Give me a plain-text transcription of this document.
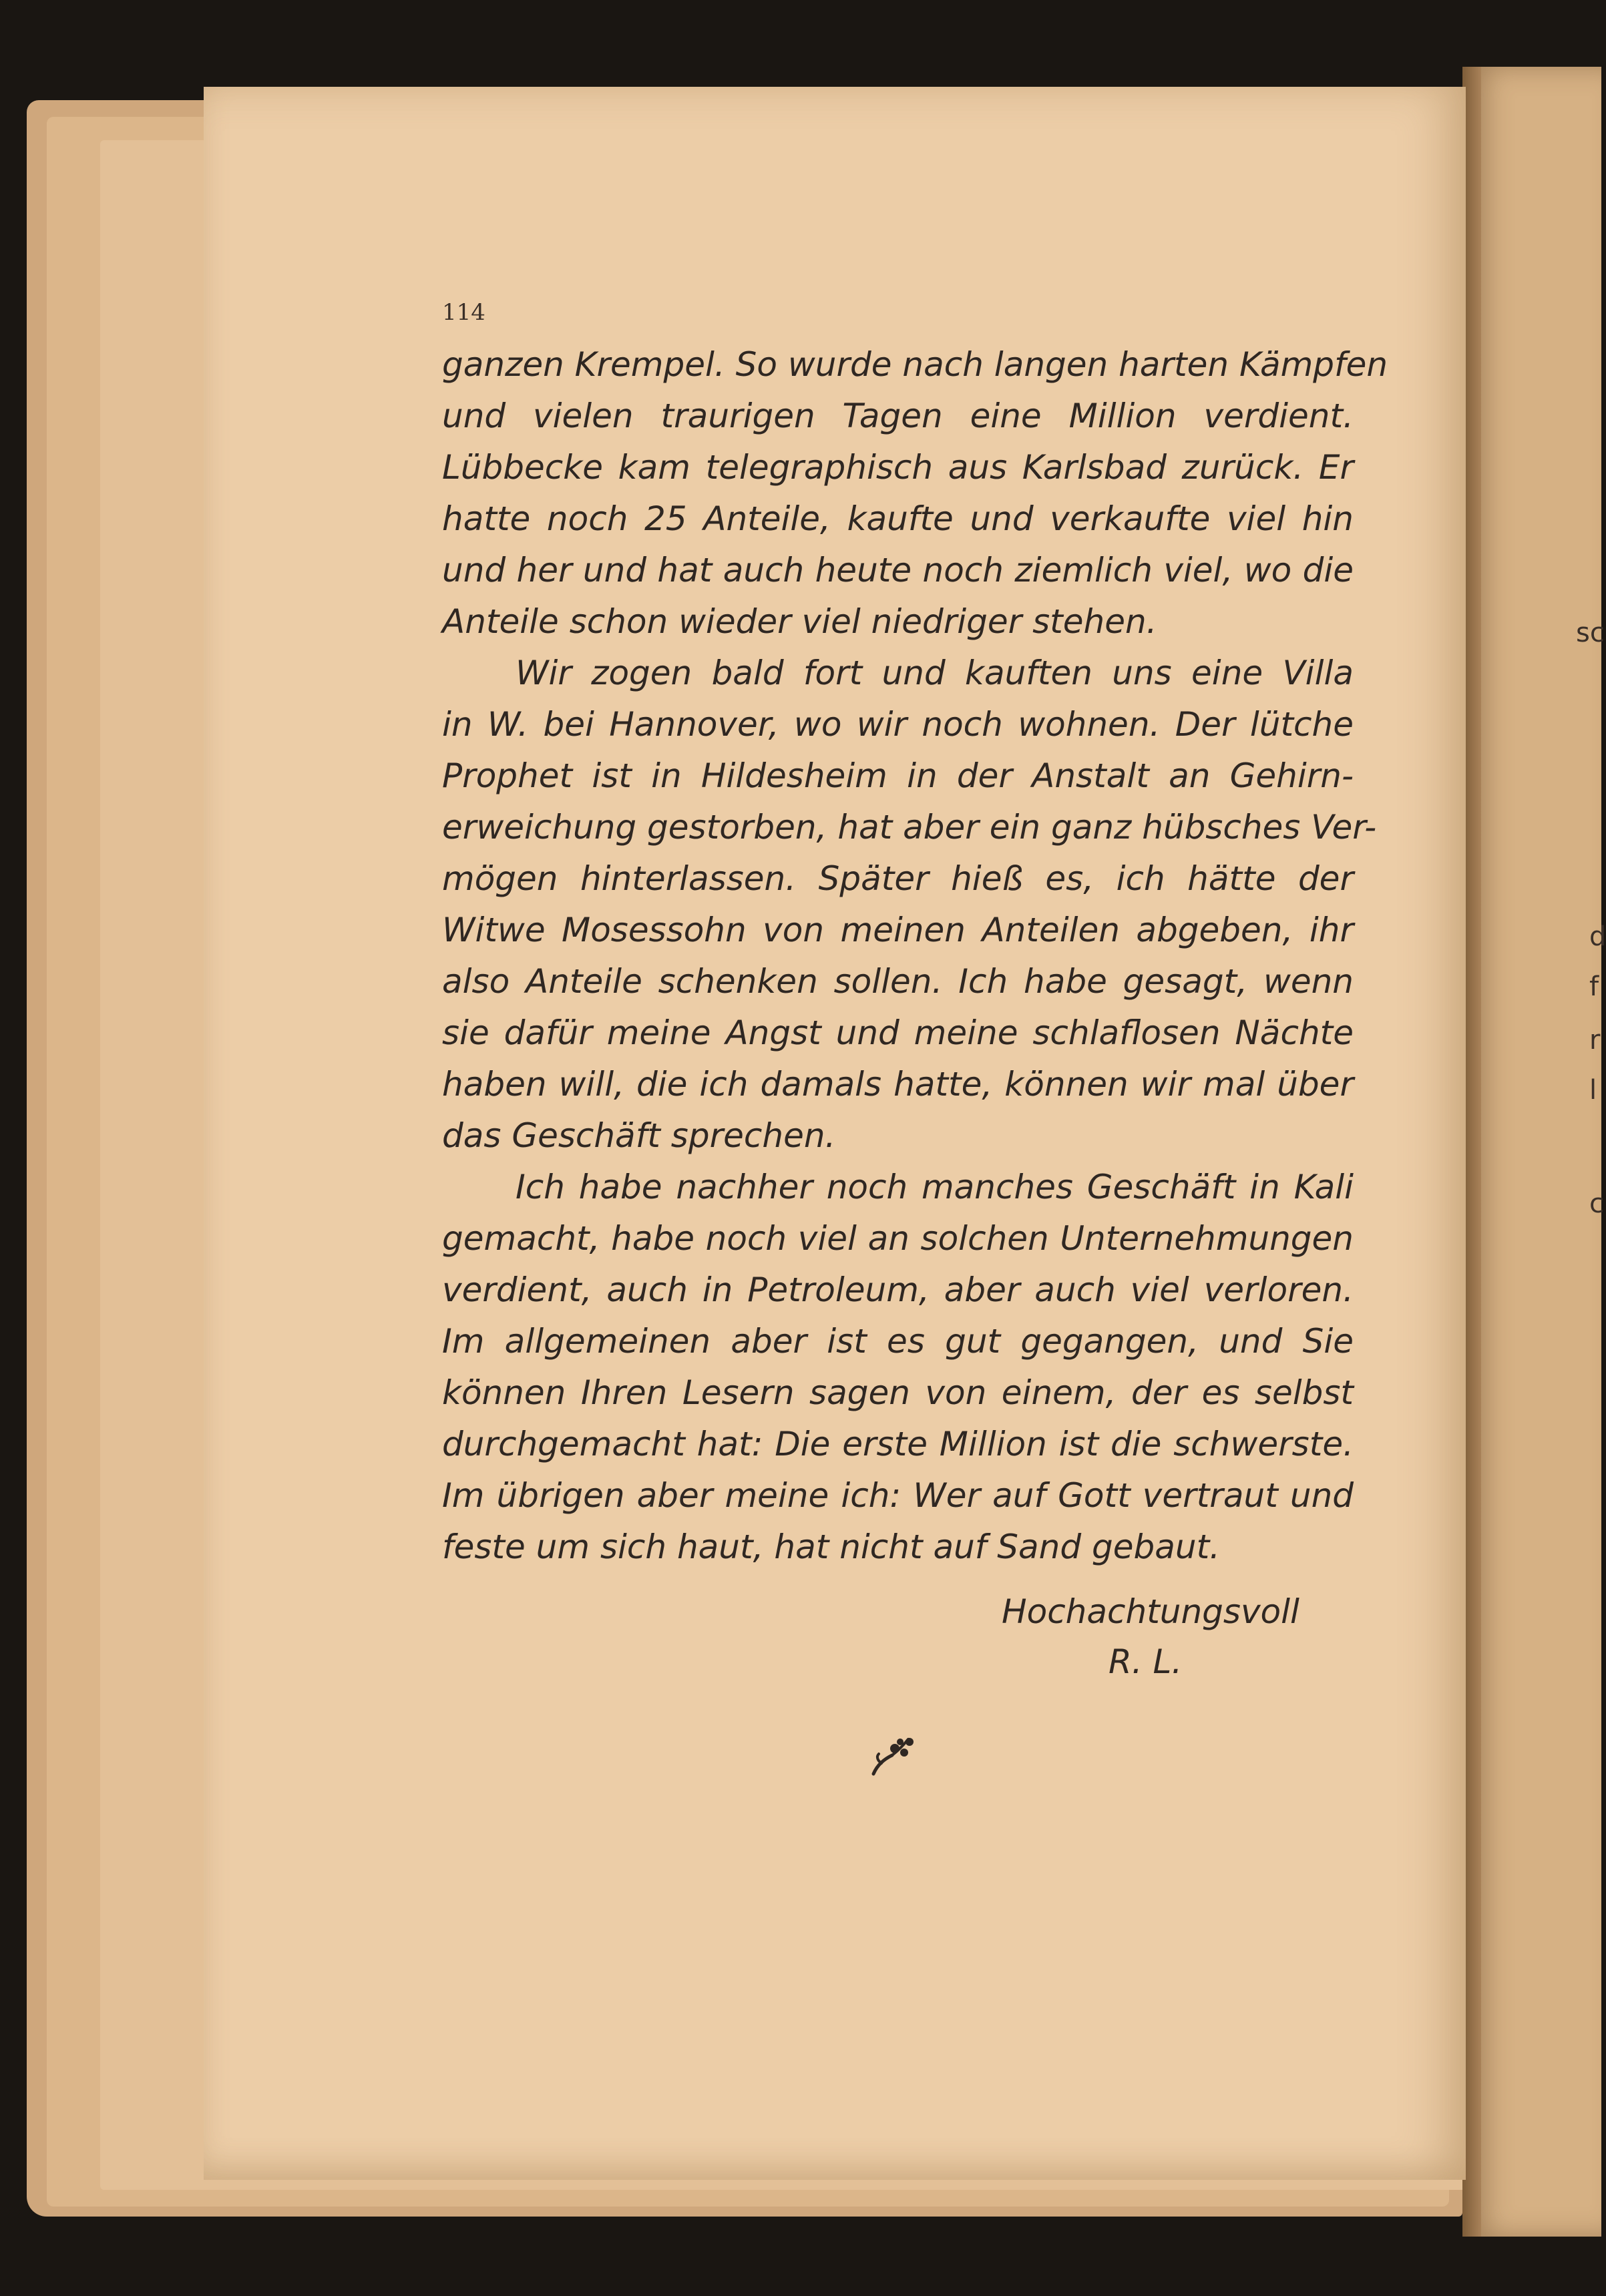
sc
d
f
r
l
c
114
ganzen Krempel. So wurde nach langen harten Kämpfen
und vielen traurigen Tagen eine Million verdient.
Lübbecke kam telegraphisch aus Karlsbad zurück. Er
hatte noch 25 Anteile, kaufte und verkaufte viel hin
und her und hat auch heute noch ziemlich viel, wo die
Anteile schon wieder viel niedriger stehen.
Wir zogen bald fort und kauften uns eine Villa
in W. bei Hannover, wo wir noch wohnen. Der lütche
Prophet ist in Hildesheim in der Anstalt an Gehirn-
erweichung gestorben, hat aber ein ganz hübsches Ver-
mögen hinterlassen. Später hieß es, ich hätte der
Witwe Mosessohn von meinen Anteilen abgeben, ihr
also Anteile schenken sollen. Ich habe gesagt, wenn
sie dafür meine Angst und meine schlaflosen Nächte
haben will, die ich damals hatte, können wir mal über
das Geschäft sprechen.
Ich habe nachher noch manches Geschäft in Kali
gemacht, habe noch viel an solchen Unternehmungen
verdient, auch in Petroleum, aber auch viel verloren.
Im allgemeinen aber ist es gut gegangen, und Sie
können Ihren Lesern sagen von einem, der es selbst
durchgemacht hat: Die erste Million ist die schwerste.
Im übrigen aber meine ich: Wer auf Gott vertraut und
feste um sich haut, hat nicht auf Sand gebaut.
Hochachtungsvoll
R. L.
